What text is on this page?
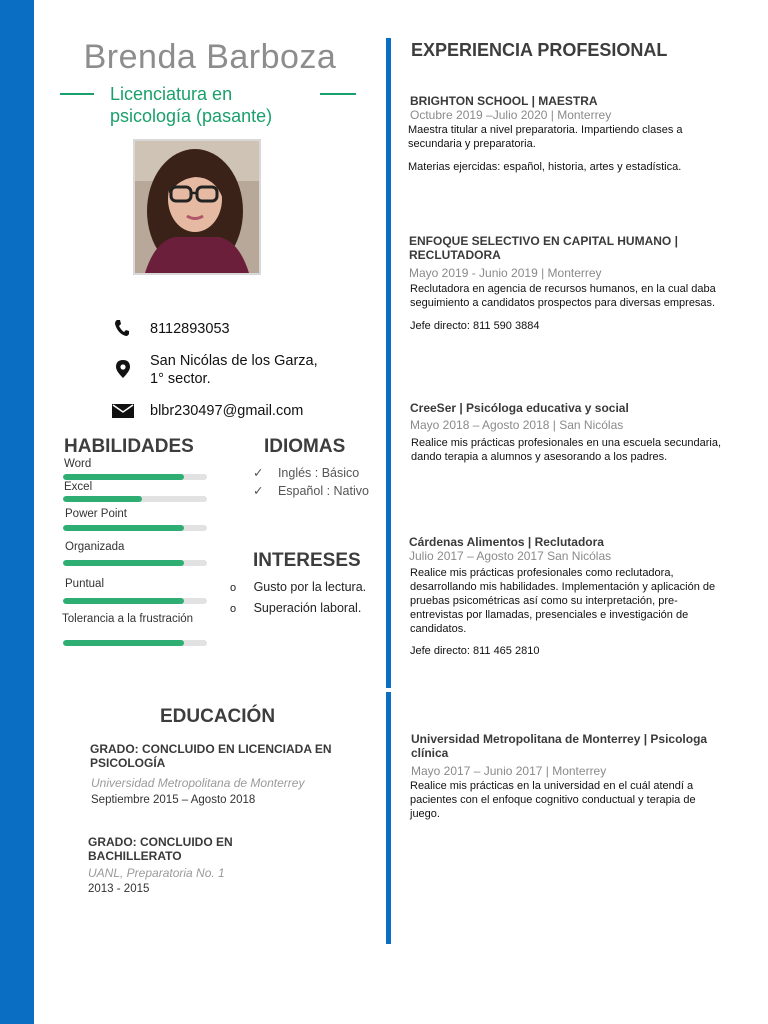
Brenda Barboza
Licenciatura en
psicología (pasante)
8112893053
San Nicólas de los Garza,
1° sector.
blbr230497@gmail.com
HABILIDADES
Word
Excel
Power Point
Organizada
Puntual
Tolerancia a la frustración
IDIOMAS
✓ Inglés : Básico
✓ Español : Nativo
INTERESES
o Gusto por la lectura.
o Superación laboral.
EDUCACIÓN
GRADO: CONCLUIDO EN LICENCIADA EN PSICOLOGÍA
Universidad Metropolitana de Monterrey
Septiembre 2015 – Agosto 2018
GRADO: CONCLUIDO EN BACHILLERATO
UANL, Preparatoria No. 1
2013 - 2015
EXPERIENCIA PROFESIONAL
BRIGHTON SCHOOL | MAESTRA
Octubre 2019 –Julio 2020 | Monterrey
Maestra titular a nivel preparatoria. Impartiendo clases a secundaria y preparatoria.
Materias ejercidas: español, historia, artes y estadística.
ENFOQUE SELECTIVO EN CAPITAL HUMANO | RECLUTADORA
Mayo 2019 - Junio 2019 | Monterrey
Reclutadora en agencia de recursos humanos, en la cual daba seguimiento a candidatos prospectos para diversas empresas.
Jefe directo: 811 590 3884
CreeSer | Psicóloga educativa y social
Mayo 2018 – Agosto 2018 | San Nicólas
Realice mis prácticas profesionales en una escuela secundaria, dando terapia a alumnos y asesorando a los padres.
Cárdenas Alimentos | Reclutadora
Julio 2017 – Agosto 2017 San Nicólas
Realice mis prácticas profesionales como reclutadora, desarrollando mis habilidades. Implementación y aplicación de pruebas psicométricas así como su interpretación, pre-entrevistas por llamadas, presenciales e investigación de candidatos.
Jefe directo: 811 465 2810
Universidad Metropolitana de Monterrey | Psicologa clínica
Mayo 2017 – Junio 2017 | Monterrey
Realice mis prácticas en la universidad en el cuál atendí a pacientes con el enfoque cognitivo conductual y terapia de juego.
